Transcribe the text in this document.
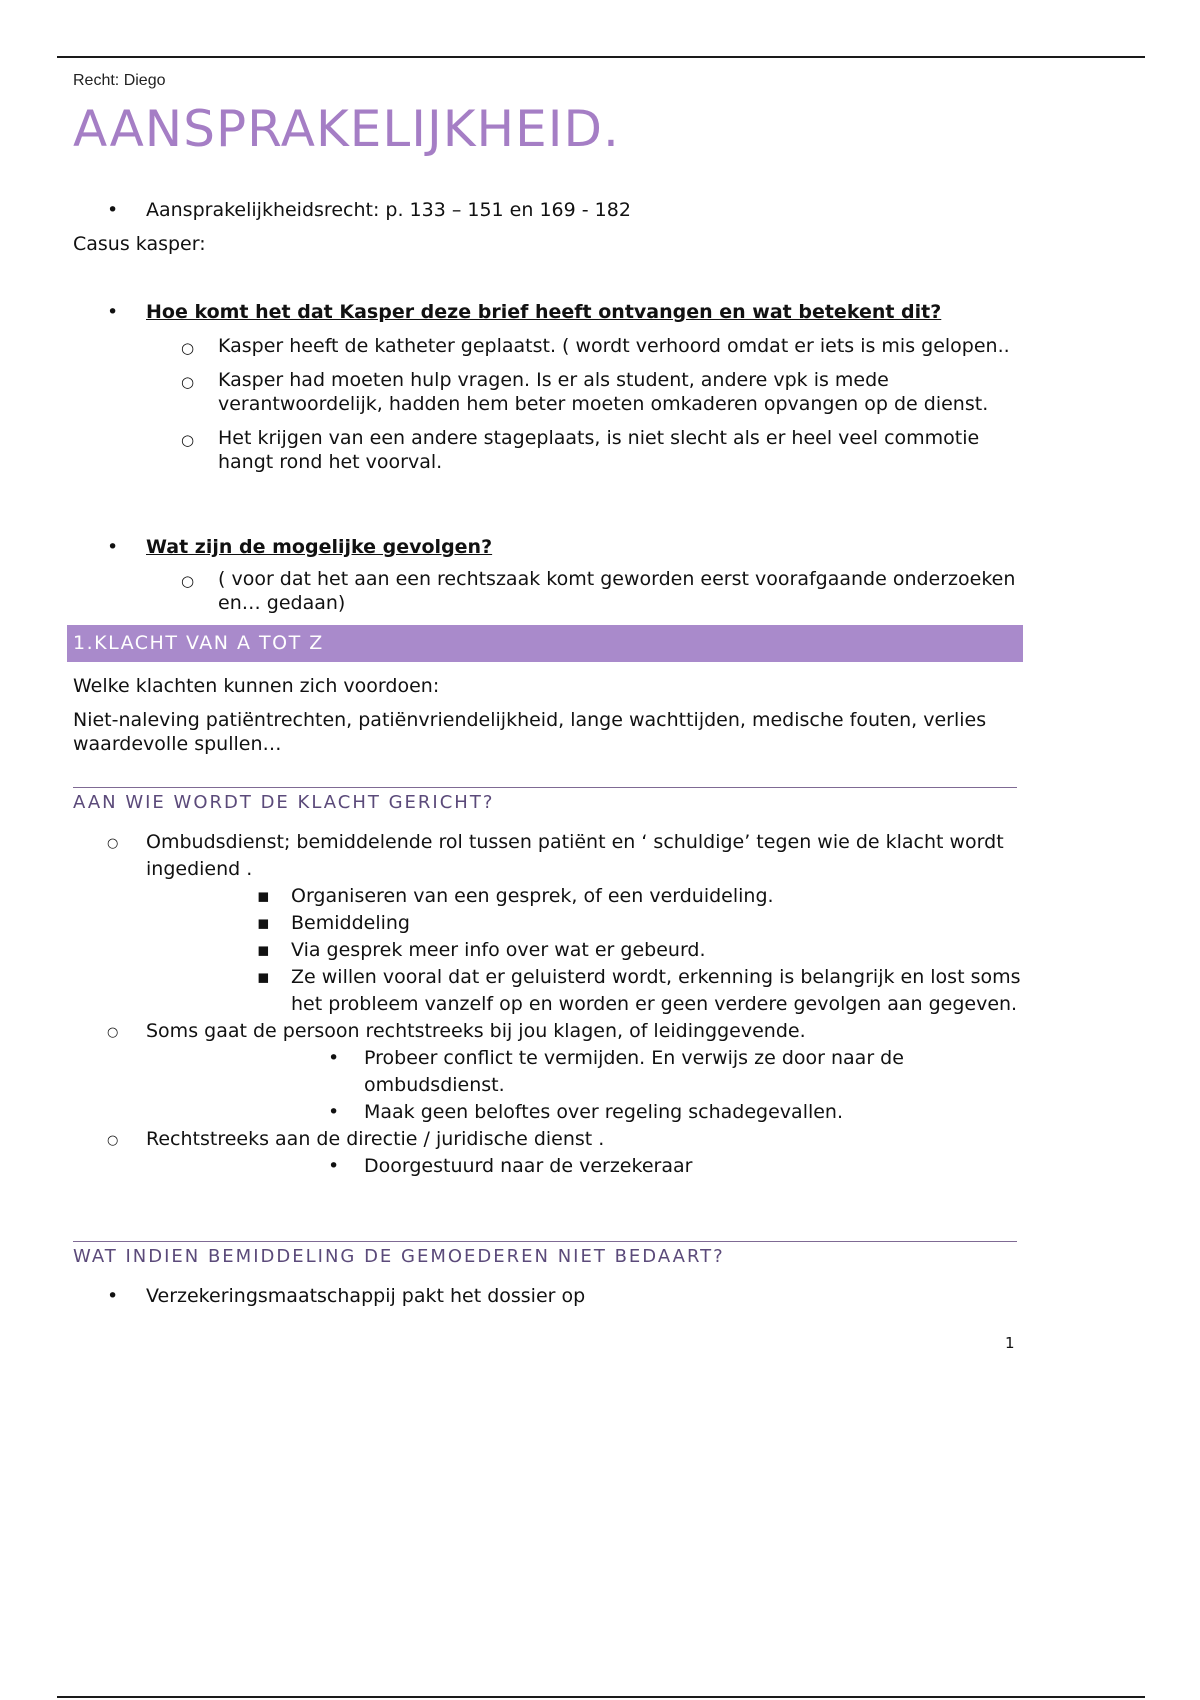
Recht: Diego
AANSPRAKELIJKHEID.
• Aansprakelijkheidsrecht: p. 133 – 151 en 169 - 182

Casus kasper:

• Hoe komt het dat Kasper deze brief heeft ontvangen en wat betekent dit?
○ Kasper heeft de katheter geplaatst. ( wordt verhoord omdat er iets is mis gelopen..
○ Kasper had moeten hulp vragen. Is er als student, andere vpk is mede verantwoordelijk, hadden hem beter moeten omkaderen opvangen op de dienst.
○ Het krijgen van een andere stageplaats, is niet slecht als er heel veel commotie hangt rond het voorval.
• Wat zijn de mogelijke gevolgen?
○ ( voor dat het aan een rechtszaak komt geworden eerst voorafgaande onderzoeken en… gedaan)
1.KLACHT VAN A TOT Z

Welke klachten kunnen zich voordoen:

Niet-naleving patiëntrechten, patiënvriendelijkheid, lange wachttijden, medische fouten, verlies waardevolle spullen…

AAN WIE WORDT DE KLACHT GERICHT?
○ Ombudsdienst; bemiddelende rol tussen patiënt en ‘ schuldige’ tegen wie de klacht wordt ingediend .
▪ Organiseren van een gesprek, of een verduideling.
▪ Bemiddeling
▪ Via gesprek meer info over wat er gebeurd.
▪ Ze willen vooral dat er geluisterd wordt, erkenning is belangrijk en lost soms het probleem vanzelf op en worden er geen verdere gevolgen aan gegeven.
○ Soms gaat de persoon rechtstreeks bij jou klagen, of leidinggevende.
• Probeer conflict te vermijden. En verwijs ze door naar de ombudsdienst.
• Maak geen beloftes over regeling schadegevallen.
○ Rechtstreeks aan de directie / juridische dienst .
• Doorgestuurd naar de verzekeraar
WAT INDIEN BEMIDDELING DE GEMOEDEREN NIET BEDAART?
• Verzekeringsmaatschappij pakt het dossier op
1
